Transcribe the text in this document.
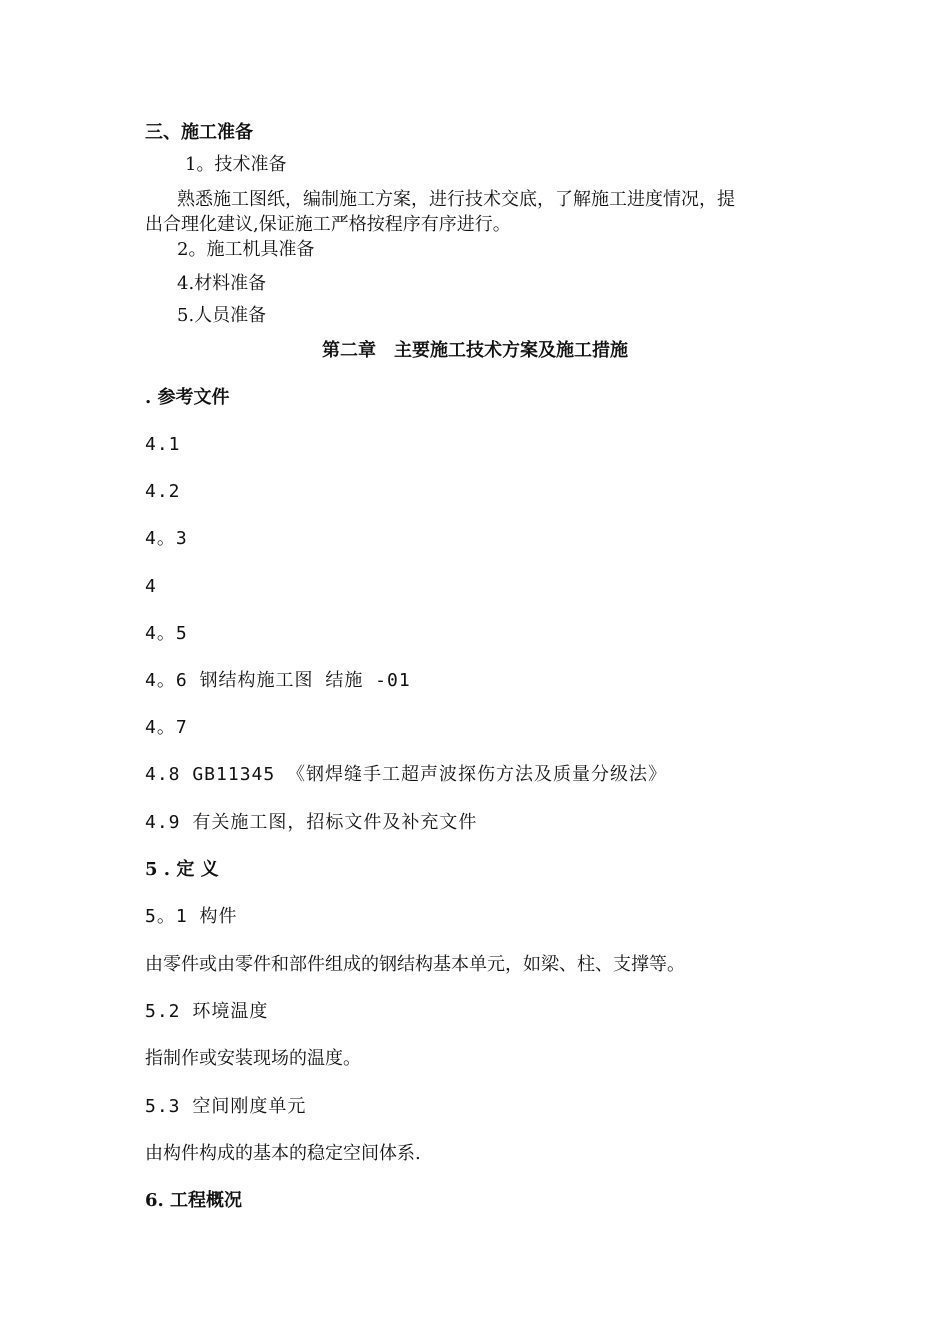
三、施工准备
1。技术准备
熟悉施工图纸，编制施工方案，进行技术交底，了解施工进度情况，提
出合理化建议,保证施工严格按程序有序进行。
2。施工机具准备
4.材料准备
5.人员准备
第二章　主要施工技术方案及施工措施
. 参考文件
4.1
4.2
4。3
4
4。5
4。6 钢结构施工图 结施 -01
4。7
4.8 GB11345 《钢焊缝手工超声波探伤方法及质量分级法》
4.9 有关施工图，招标文件及补充文件
5 . 定 义
5。1 构件
由零件或由零件和部件组成的钢结构基本单元，如梁、柱、支撑等。
5.2 环境温度
指制作或安装现场的温度。
5.3 空间刚度单元
由构件构成的基本的稳定空间体系.
6. 工程概况
